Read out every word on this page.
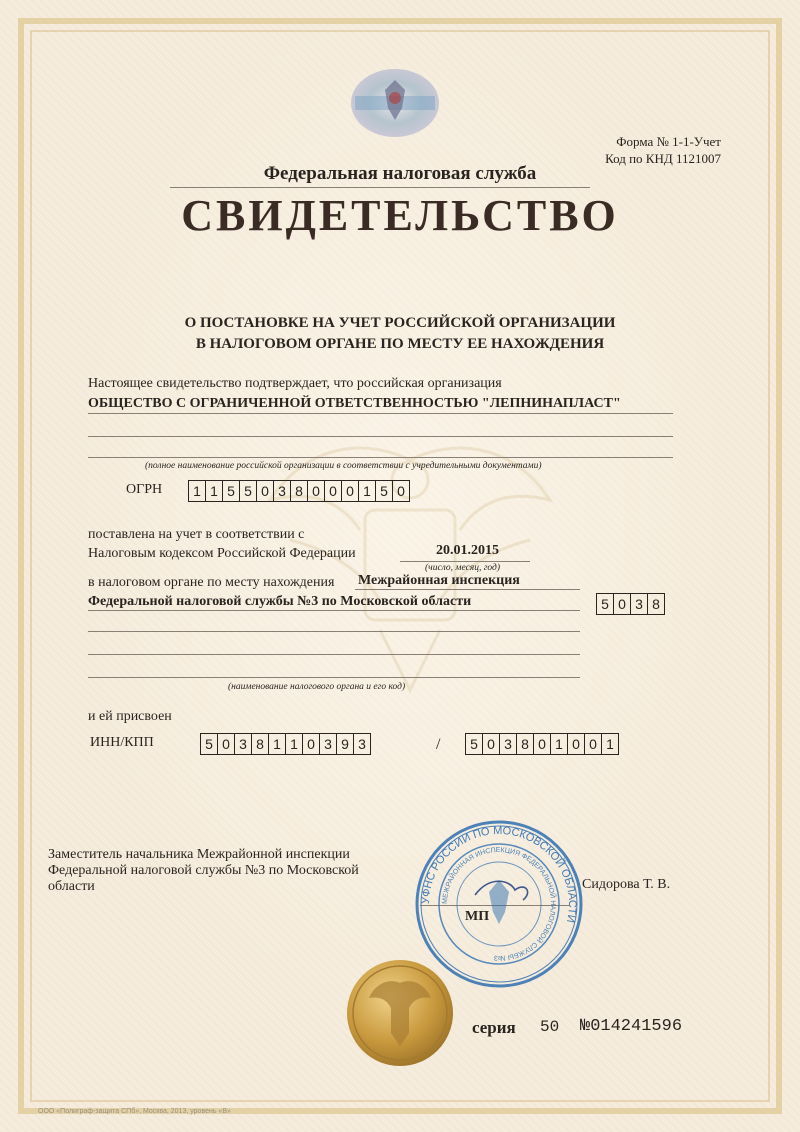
Форма № 1-1-Учет
Код по КНД 1121007
Федеральная налоговая служба
СВИДЕТЕЛЬСТВО
О ПОСТАНОВКЕ НА УЧЕТ РОССИЙСКОЙ ОРГАНИЗАЦИИ
В НАЛОГОВОМ ОРГАНЕ ПО МЕСТУ ЕЕ НАХОЖДЕНИЯ
Настоящее свидетельство подтверждает, что российская организация
ОБЩЕСТВО С ОГРАНИЧЕННОЙ ОТВЕТСТВЕННОСТЬЮ "ЛЕПНИНАПЛАСТ"
(полное наименование российской организации в соответствии с учредительными документами)
ОГРН 1 1 5 5 0 3 8 0 0 0 1 5 0
поставлена на учет в соответствии с
Налоговым кодексом Российской Федерации	20.01.2015
(число, месяц, год)
в налоговом органе по месту нахождения Межрайонная инспекция
Федеральной налоговой службы №3 по Московской области	5 0 3 8
(наименование налогового органа и его код)
и ей присвоен
ИНН/КПП	5 0 3 8 1 1 0 3 9 3	/ 5 0 3 8 0 1 0 0 1
Заместитель начальника Межрайонной инспекции
Федеральной налоговой службы №3 по Московской
области	Сидорова Т. В.
УФНС РОССИИ ПО МОСКОВСКОЙ ОБЛАСТИ
МЕЖРАЙОННАЯ ИНСПЕКЦИЯ ФЕДЕРАЛЬНОЙ НАЛОГОВОЙ СЛУЖБЫ №3
МП
серия 50 №014241596
ООО «Полиграф-защита СПб», Москва, 2013, уровень «В»
